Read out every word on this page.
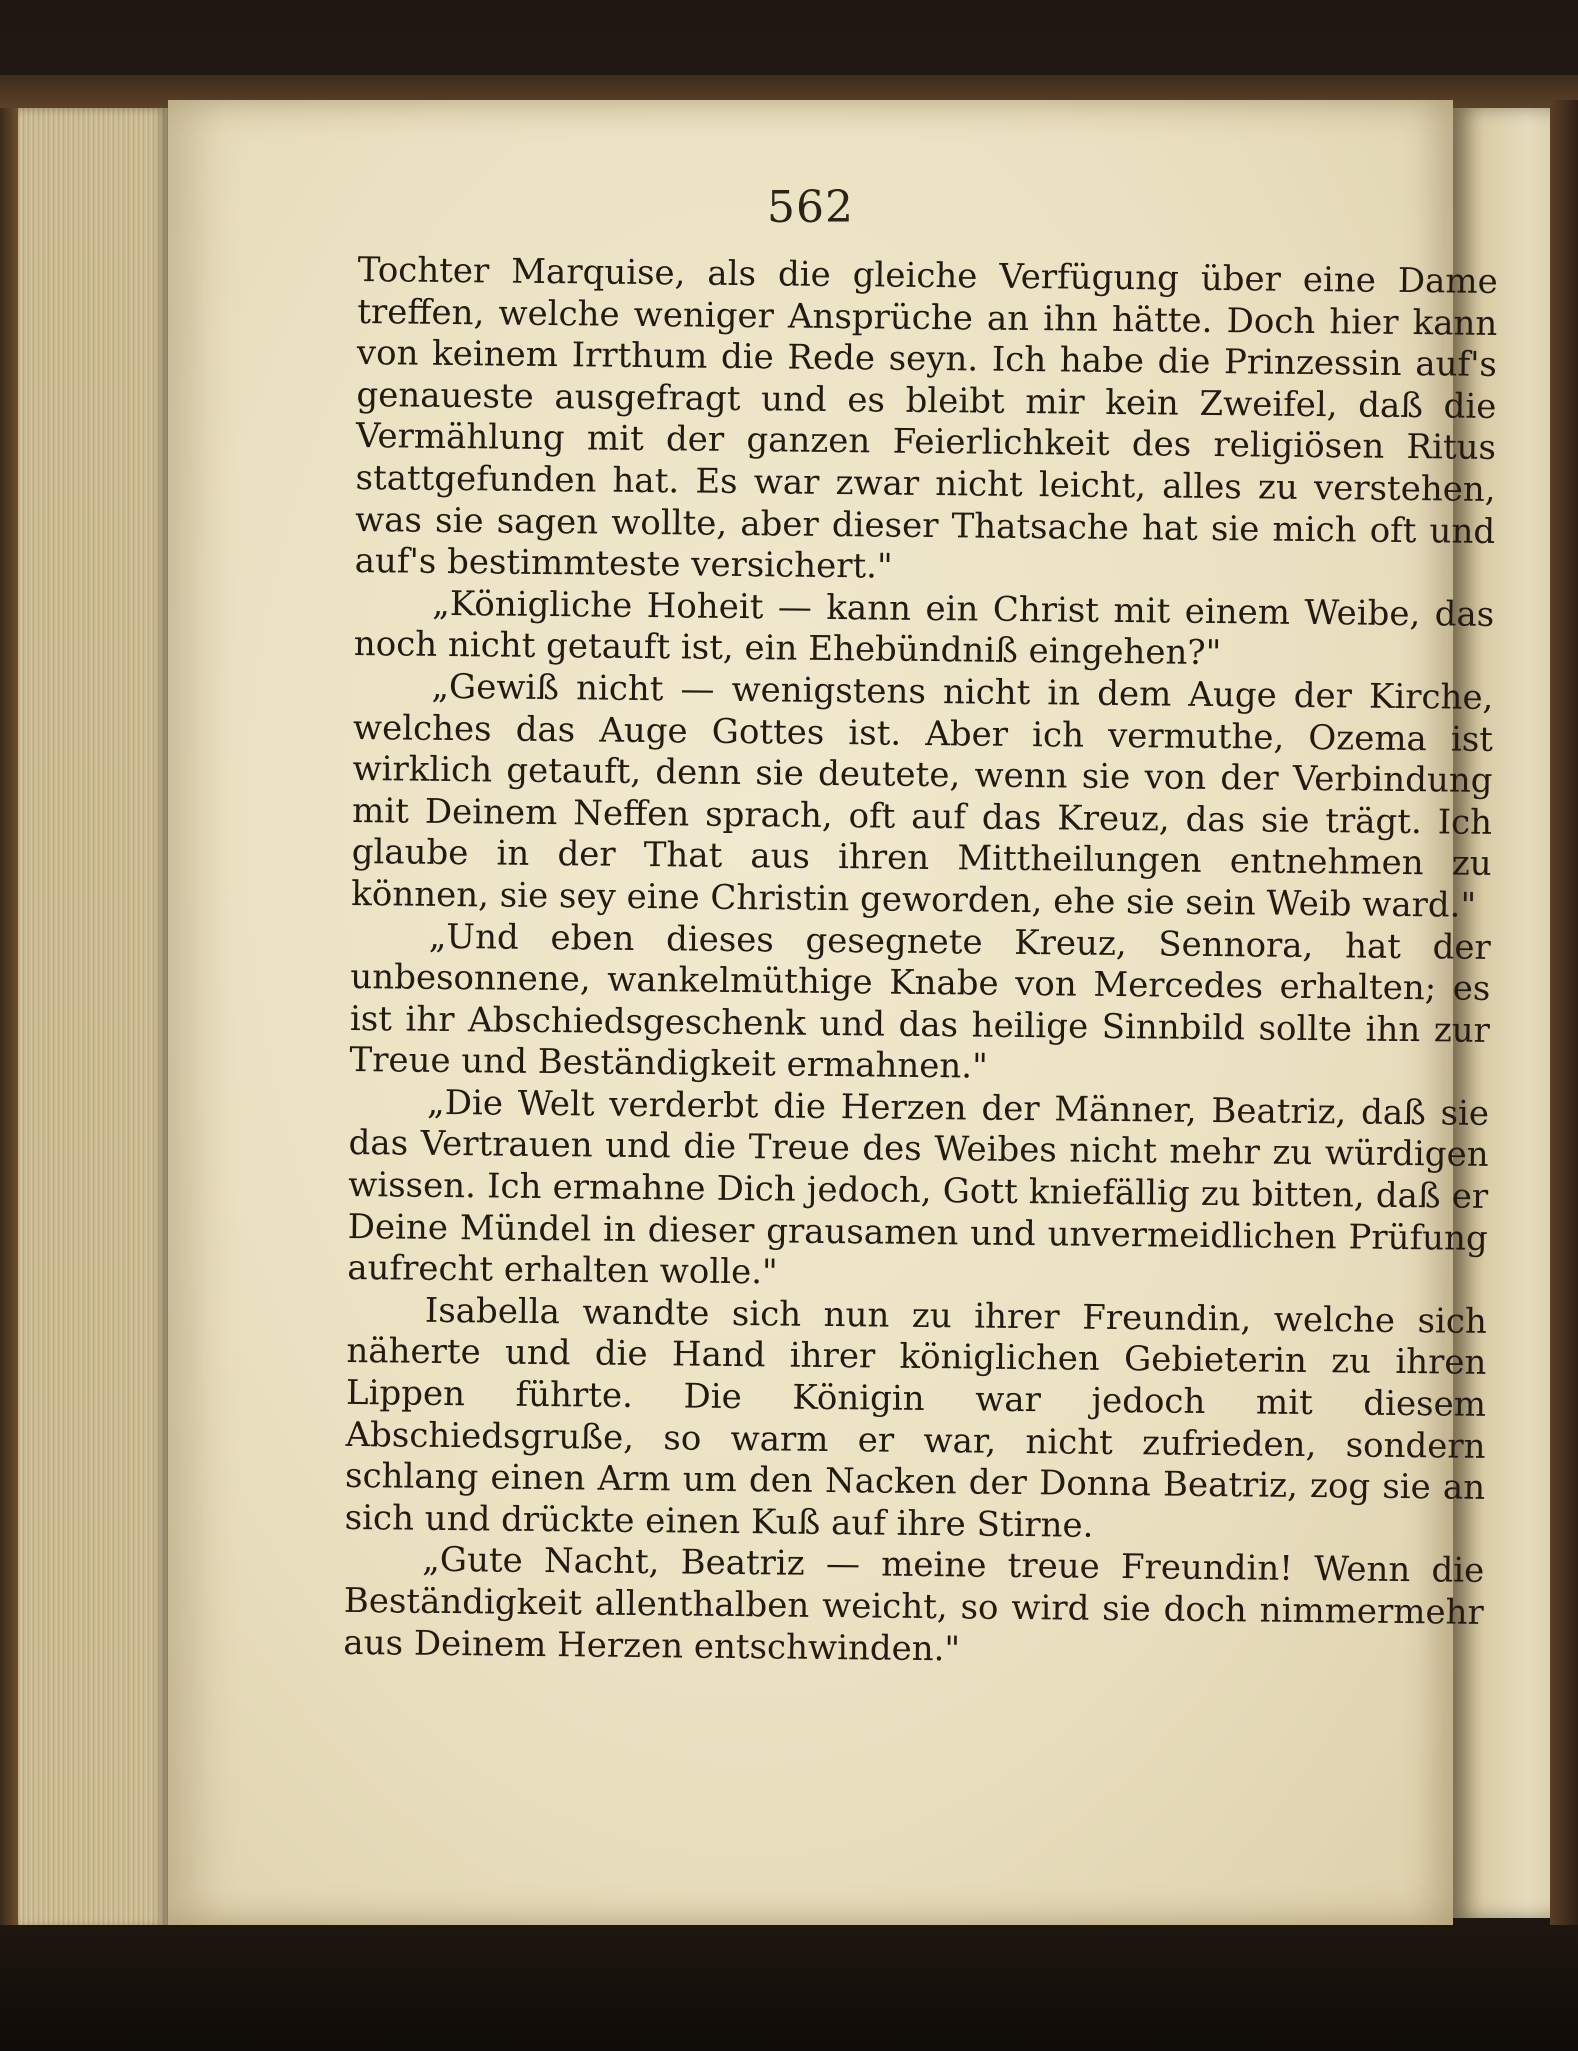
562

Tochter Marquise, als die gleiche Verfügung über eine Dame treffen, welche weniger Ansprüche an ihn hätte. Doch hier kann von keinem Irrthum die Rede seyn. Ich habe die Prinzessin auf's genaueste ausgefragt und es bleibt mir kein Zweifel, daß die Vermählung mit der ganzen Feierlichkeit des religiösen Ritus stattgefunden hat. Es war zwar nicht leicht, alles zu verstehen, was sie sagen wollte, aber dieser Thatsache hat sie mich oft und auf's bestimmteste versichert."

„Königliche Hoheit — kann ein Christ mit einem Weibe, das noch nicht getauft ist, ein Ehebündniß eingehen?"

„Gewiß nicht — wenigstens nicht in dem Auge der Kirche, welches das Auge Gottes ist. Aber ich vermuthe, Ozema ist wirklich getauft, denn sie deutete, wenn sie von der Verbindung mit Deinem Neffen sprach, oft auf das Kreuz, das sie trägt. Ich glaube in der That aus ihren Mittheilungen entnehmen zu können, sie sey eine Christin geworden, ehe sie sein Weib ward."

„Und eben dieses gesegnete Kreuz, Sennora, hat der unbesonnene, wankelmüthige Knabe von Mercedes erhalten; es ist ihr Abschiedsgeschenk und das heilige Sinnbild sollte ihn zur Treue und Beständigkeit ermahnen."

„Die Welt verderbt die Herzen der Männer, Beatriz, daß sie das Vertrauen und die Treue des Weibes nicht mehr zu würdigen wissen. Ich ermahne Dich jedoch, Gott kniefällig zu bitten, daß er Deine Mündel in dieser grausamen und unvermeidlichen Prüfung aufrecht erhalten wolle."

Isabella wandte sich nun zu ihrer Freundin, welche sich näherte und die Hand ihrer königlichen Gebieterin zu ihren Lippen führte. Die Königin war jedoch mit diesem Abschiedsgruße, so warm er war, nicht zufrieden, sondern schlang einen Arm um den Nacken der Donna Beatriz, zog sie an sich und drückte einen Kuß auf ihre Stirne.

„Gute Nacht, Beatriz — meine treue Freundin! Wenn die Beständigkeit allenthalben weicht, so wird sie doch nimmermehr aus Deinem Herzen entschwinden."
